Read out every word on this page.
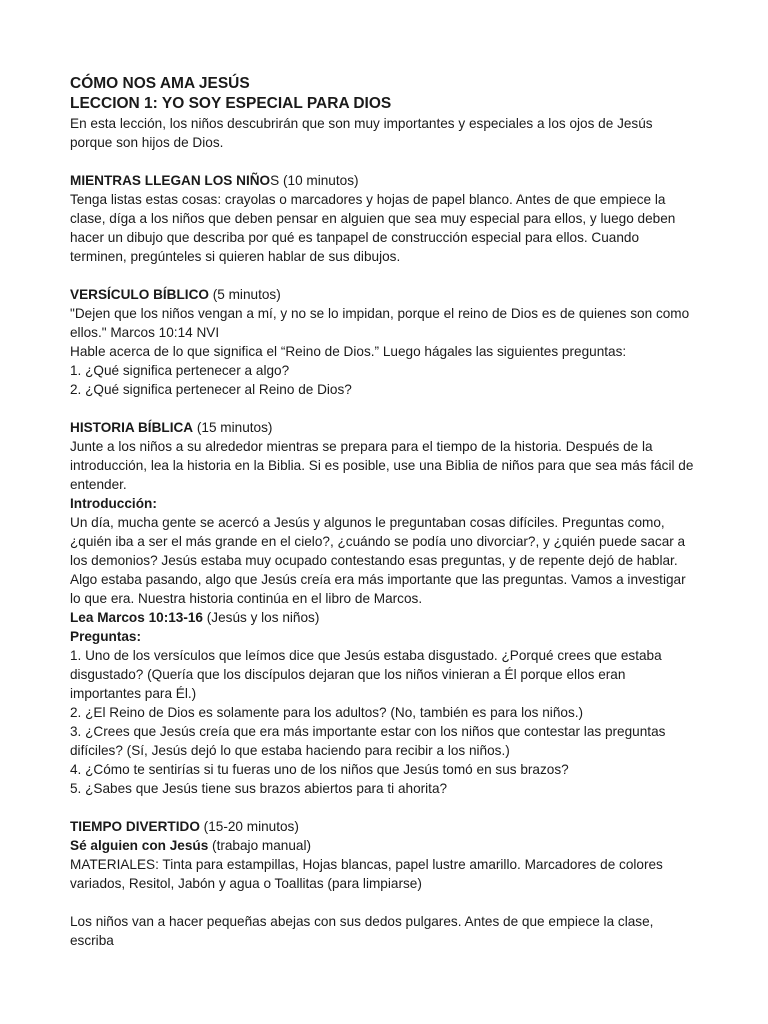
CÓMO NOS AMA JESÚS

LECCION 1: YO SOY ESPECIAL PARA DIOS

En esta lección, los niños descubrirán que son muy importantes y especiales a los ojos de Jesús porque son hijos de Dios.

MIENTRAS LLEGAN LOS NIÑOS (10 minutos)

Tenga listas estas cosas: crayolas o marcadores y hojas de papel blanco. Antes de que empiece la clase, díga a los niños que deben pensar en alguien que sea muy especial para ellos, y luego deben hacer un dibujo que describa por qué es tanpapel de construcción especial para ellos. Cuando terminen, pregúnteles si quieren hablar de sus dibujos.

VERSÍCULO BÍBLICO (5 minutos)

"Dejen que los niños vengan a mí, y no se lo impidan, porque el reino de Dios es de quienes son como ellos." Marcos 10:14 NVI

Hable acerca de lo que significa el “Reino de Dios.” Luego hágales las siguientes preguntas:

1. ¿Qué significa pertenecer a algo?

2. ¿Qué significa pertenecer al Reino de Dios?

HISTORIA BÍBLICA (15 minutos)

Junte a los niños a su alrededor mientras se prepara para el tiempo de la historia. Después de la introducción, lea la historia en la Biblia. Si es posible, use una Biblia de niños para que sea más fácil de entender.

Introducción:

Un día, mucha gente se acercó a Jesús y algunos le preguntaban cosas difíciles. Preguntas como, ¿quién iba a ser el más grande en el cielo?, ¿cuándo se podía uno divorciar?, y ¿quién puede sacar a los demonios? Jesús estaba muy ocupado contestando esas preguntas, y de repente dejó de hablar. Algo estaba pasando, algo que Jesús creía era más importante que las preguntas. Vamos a investigar lo que era. Nuestra historia continúa en el libro de Marcos.

Lea Marcos 10:13-16 (Jesús y los niños)

Preguntas:

1. Uno de los versículos que leímos dice que Jesús estaba disgustado. ¿Porqué crees que estaba disgustado? (Quería que los discípulos dejaran que los niños vinieran a Él porque ellos eran importantes para Él.)

2. ¿El Reino de Dios es solamente para los adultos? (No, también es para los niños.)

3. ¿Crees que Jesús creía que era más importante estar con los niños que contestar las preguntas difíciles? (Sí, Jesús dejó lo que estaba haciendo para recibir a los niños.)

4. ¿Cómo te sentirías si tu fueras uno de los niños que Jesús tomó en sus brazos?

5. ¿Sabes que Jesús tiene sus brazos abiertos para ti ahorita?

TIEMPO DIVERTIDO (15-20 minutos)

Sé alguien con Jesús (trabajo manual)

MATERIALES: Tinta para estampillas, Hojas blancas, papel lustre amarillo. Marcadores de colores variados, Resitol, Jabón y agua o Toallitas (para limpiarse)

Los niños van a hacer pequeñas abejas con sus dedos pulgares. Antes de que empiece la clase, escriba
